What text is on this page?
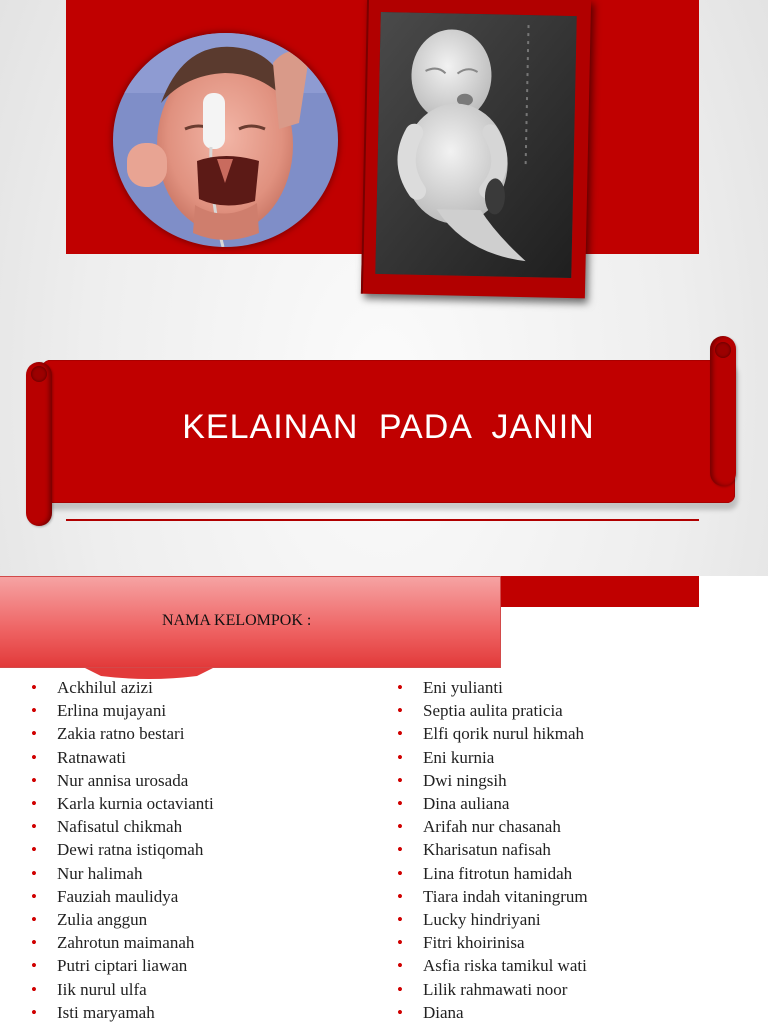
KELAINAN PADA JANIN

NAMA KELOMPOK :

• Ackhilul azizi
• Erlina mujayani
• Zakia ratno bestari
• Ratnawati
• Nur annisa urosada
• Karla kurnia octavianti
• Nafisatul chikmah
• Dewi ratna istiqomah
• Nur halimah
• Fauziah maulidya
• Zulia anggun
• Zahrotun maimanah
• Putri ciptari liawan
• Iik nurul ulfa
• Isti maryamah
• Eni yulianti
• Septia aulita praticia
• Elfi qorik nurul hikmah
• Eni kurnia
• Dwi ningsih
• Dina auliana
• Arifah nur chasanah
• Kharisatun nafisah
• Lina fitrotun hamidah
• Tiara indah vitaningrum
• Lucky hindriyani
• Fitri khoirinisa
• Asfia riska tamikul wati
• Lilik rahmawati noor
• Diana
